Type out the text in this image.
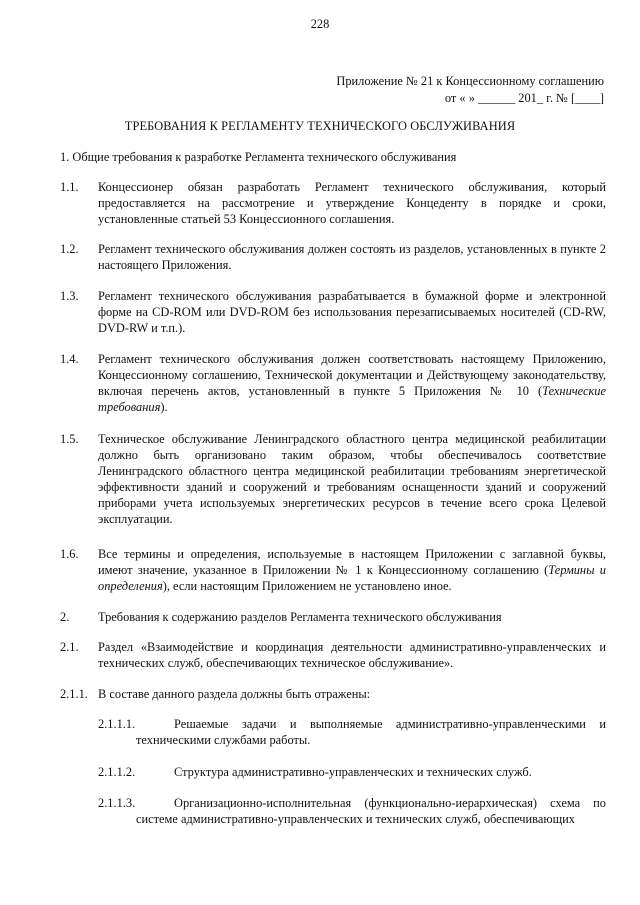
228
Приложение № 21 к Концессионному соглашению
от « » ______ 201_ г. № [____]
ТРЕБОВАНИЯ К РЕГЛАМЕНТУ ТЕХНИЧЕСКОГО ОБСЛУЖИВАНИЯ
1. Общие требования к разработке Регламента технического обслуживания
1.1. Концессионер обязан разработать Регламент технического обслуживания, который предоставляется на рассмотрение и утверждение Концеденту в порядке и сроки, установленные статьей 53 Концессионного соглашения.
1.2. Регламент технического обслуживания должен состоять из разделов, установленных в пункте 2 настоящего Приложения.
1.3. Регламент технического обслуживания разрабатывается в бумажной форме и электронной форме на CD-ROM или DVD-ROM без использования перезаписываемых носителей (CD-RW, DVD-RW и т.п.).
1.4. Регламент технического обслуживания должен соответствовать настоящему Приложению, Концессионному соглашению, Технической документации и Действующему законодательству, включая перечень актов, установленный в пункте 5 Приложения № 10 (Технические требования).
1.5. Техническое обслуживание Ленинградского областного центра медицинской реабилитации должно быть организовано таким образом, чтобы обеспечивалось соответствие Ленинградского областного центра медицинской реабилитации требованиям энергетической эффективности зданий и сооружений и требованиям оснащенности зданий и сооружений приборами учета используемых энергетических ресурсов в течение всего срока Целевой эксплуатации.
1.6. Все термины и определения, используемые в настоящем Приложении с заглавной буквы, имеют значение, указанное в Приложении № 1 к Концессионному соглашению (Термины и определения), если настоящим Приложением не установлено иное.
2. Требования к содержанию разделов Регламента технического обслуживания
2.1. Раздел «Взаимодействие и координация деятельности административно-управленческих и технических служб, обеспечивающих техническое обслуживание».
2.1.1. В составе данного раздела должны быть отражены:
2.1.1.1.	Решаемые задачи и выполняемые административно-управленческими и техническими службами работы.
2.1.1.2.	Структура административно-управленческих и технических служб.
2.1.1.3.	Организационно-исполнительная (функционально-иерархическая) схема по системе административно-управленческих и технических служб, обеспечивающих
